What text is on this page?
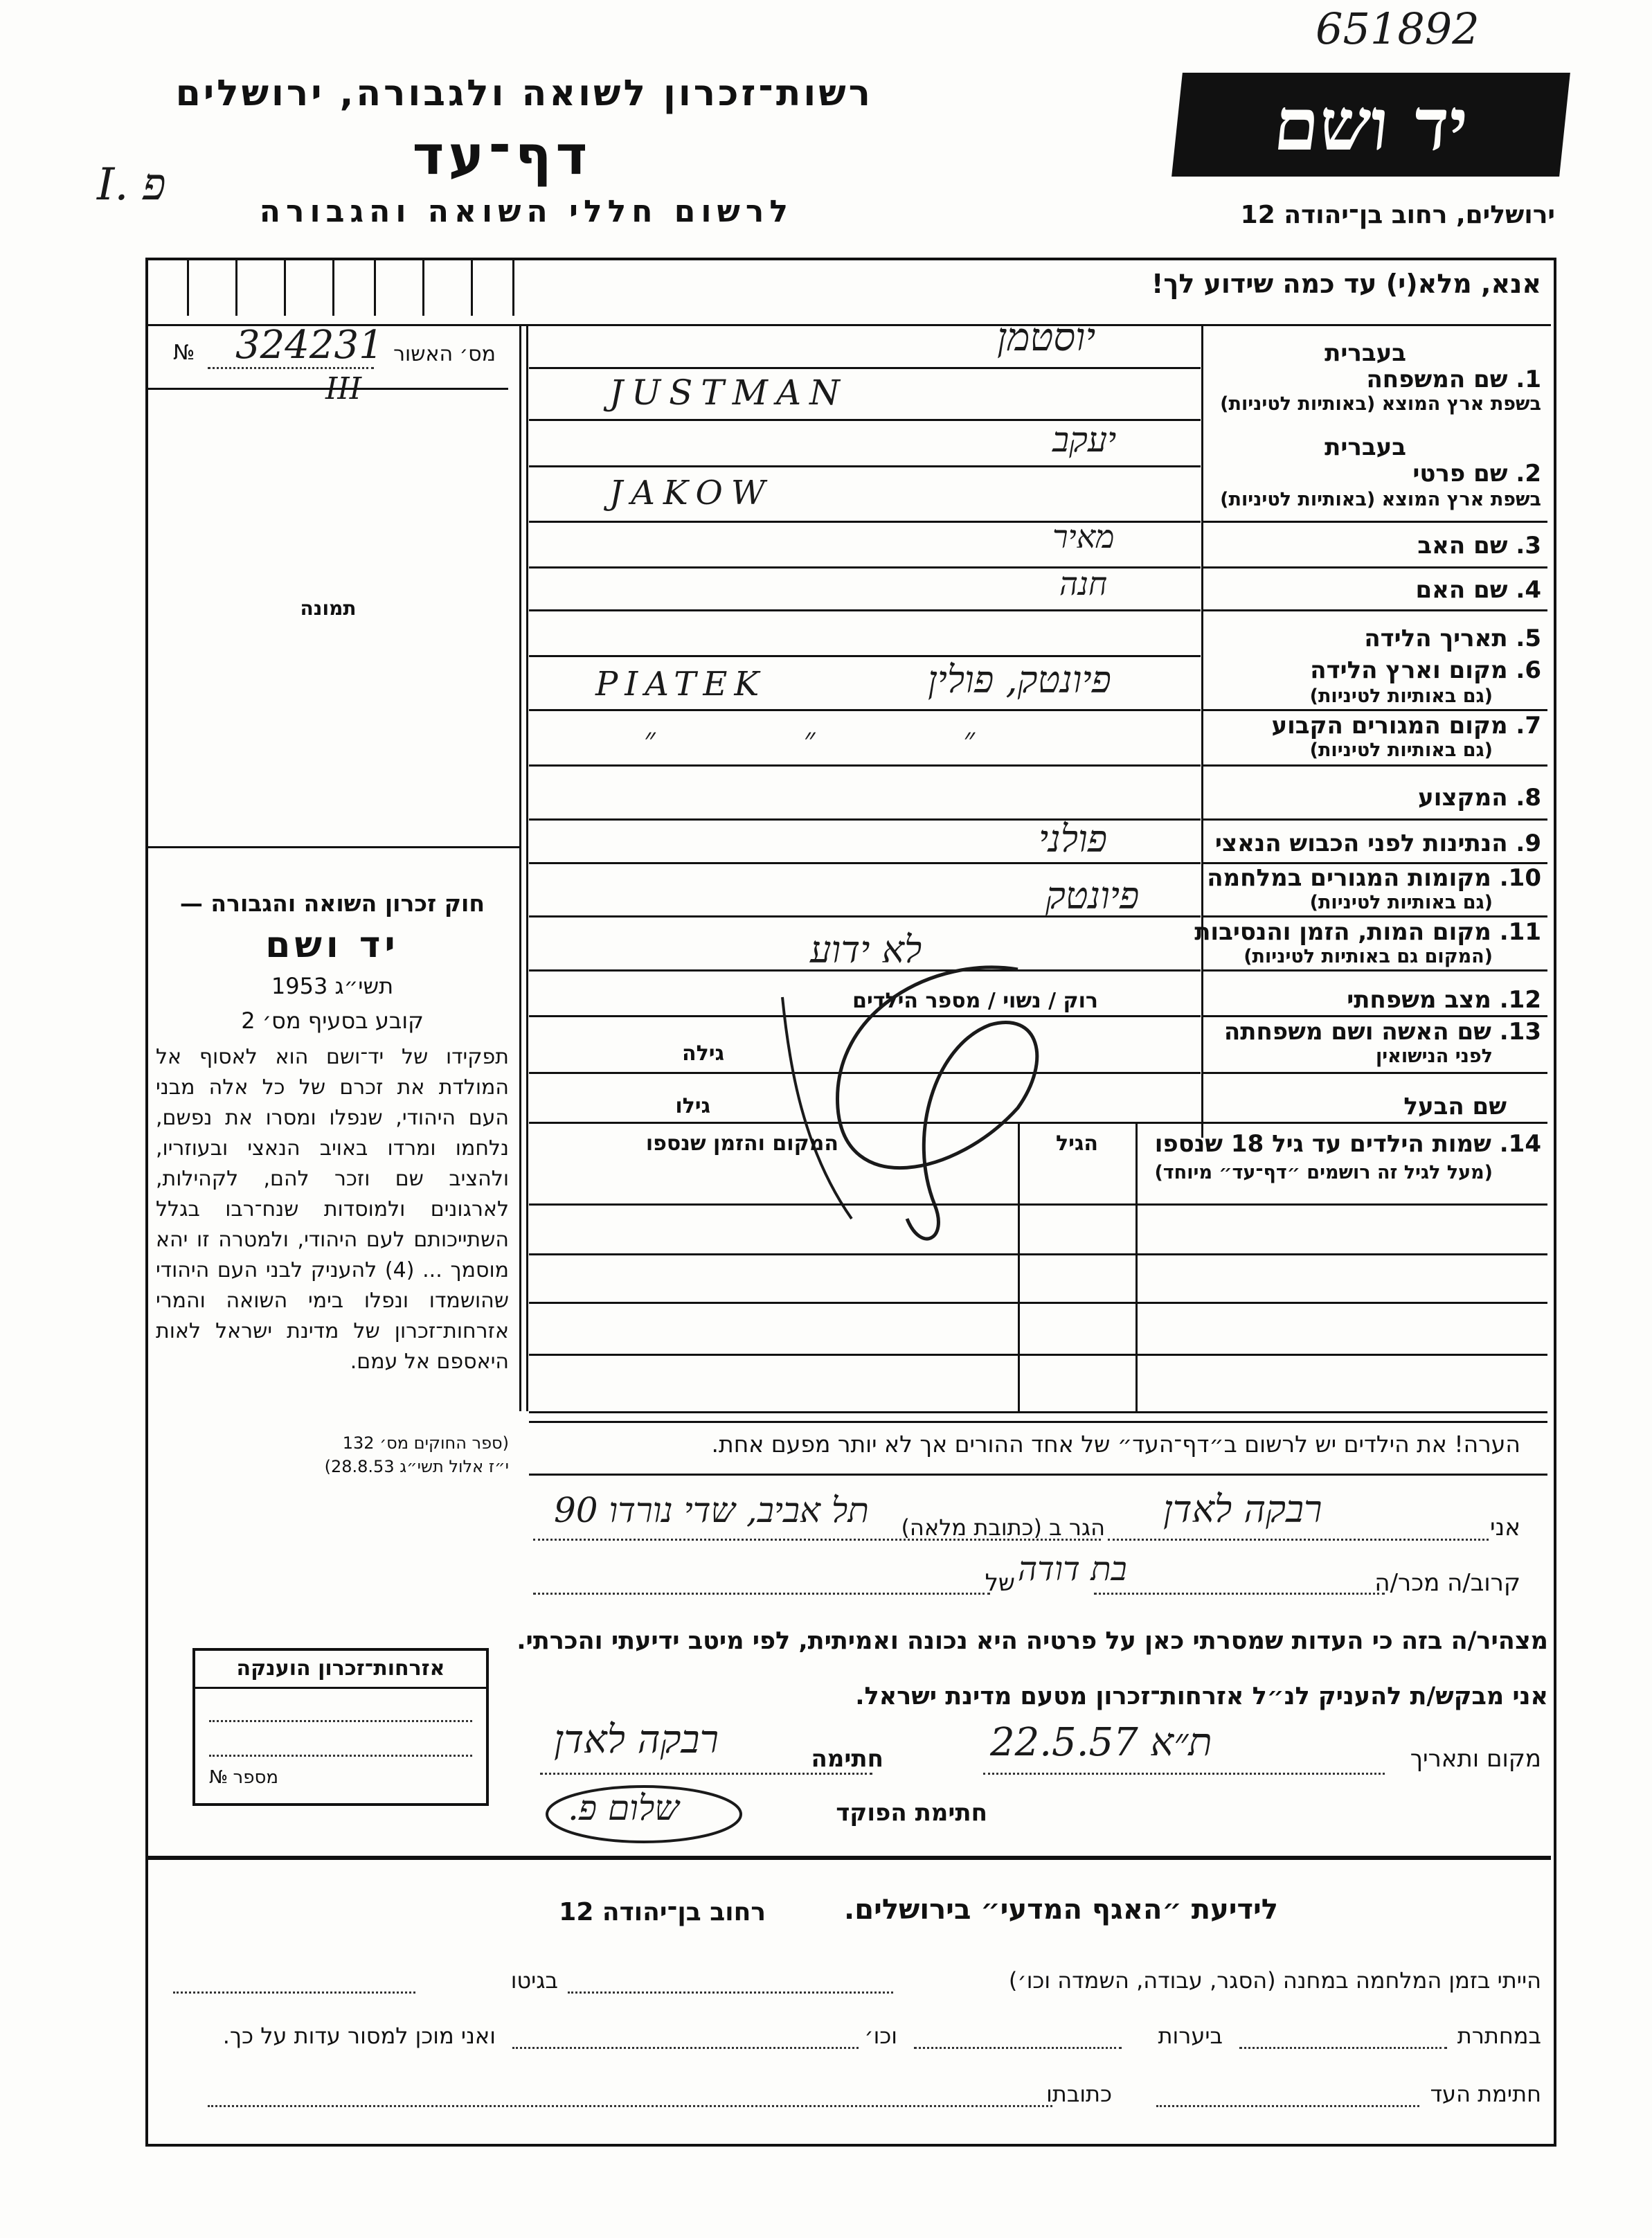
651892
רשות־זכרון לשואה ולגבורה, ירושלים
דף־עד
לרשום חללי השואה והגבורה
I. פ
יד ושם
ירושלים, רחוב בן־יהודה 12
אנא, מלא(י) עד כמה שידוע לך!
מס׳ האשור
№ 324231
III
תמונה
חוק זכרון השואה והגבורה —
יד ושם
תשי״ג 1953
קובע בסעיף מס׳ 2
תפקידו של יד־ושם הוא לאסוף אל המולדת את זכרם של כל אלה מבני העם היהודי, שנפלו ומסרו את נפשם, נלחמו ומרדו באויב הנאצי ובעוזריו, ולהציב שם וזכר להם, לקהילות, לארגונים ולמוסדות שנח־רבו בגלל השתייכותם לעם היהודי, ולמטרה זו יהא מוסמך ... (4) להעניק לבני העם היהודי שהושמדו ונפלו בימי השואה והמרי אזרחות־זכרון של מדינת ישראל לאות היאספם אל עמם.
(ספר החוקים מס׳ 132
י״ז אלול תשי״ג 28.8.53)
אזרחות־זכרון הוענקה
מספר
№
בעברית
1. שם המשפחה
בשפת ארץ המוצא (באותיות לטיניות)
בעברית
2. שם פרטי
בשפת ארץ המוצא (באותיות לטיניות)
3. שם האב
4. שם האם
5. תאריך הלידה
6. מקום וארץ הלידה
(גם באותיות לטיניות)
7. מקום המגורים הקבוע
(גם באותיות לטיניות)
8. המקצוע
9. הנתינות לפני הכבוש הנאצי
10. מקומות המגורים במלחמה
(גם באותיות לטיניות)
11. מקום המות, הזמן והנסיבות
(המקום גם באותיות לטיניות)
12. מצב משפחתי
13. שם האשה ושם משפחתה
לפני הנישואין
שם הבעל
יוסטמן
JUSTMAN
יעקב
JAKOW
מאיר
חנה
פיונטק, פולין
PIATEK
״ ״ ״
פולני
פיונטק
לא ידוע
רוק / נשוי / מספר הילדים
גילה
גילו
14. שמות הילדים עד גיל 18 שנספו
(מעל לגיל זה רושמים ״דף־עד״ מיוחד)
הגיל
המקום והזמן שנספו
הערה! את הילדים יש לרשום ב״דף־העד״ של אחד ההורים אך לא יותר מפעם אחת.
אני
רבקה לאדן
הגר ב (כתובת מלאה)
תל אביב, שדי נורדו 90
קרוב/ה מכר/ה
בת דודה
של
מצהיר/ה בזה כי העדות שמסרתי כאן על פרטיה היא נכונה ואמיתית, לפי מיטב ידיעתי והכרתי.
אני מבקש/ת להעניק לנ״ל אזרחות־זכרון מטעם מדינת ישראל.
מקום ותאריך
ת״א 22.5.57
חתימה
רבקה לאדן
חתימת הפוקד
שלום פ.
לידיעת ״האגף המדעי״ בירושלים.
רחוב בן־יהודה 12
הייתי בזמן המלחמה במחנה (הסגר, עבודה, השמדה וכו׳)
בגיטו
במחתרת
ביערות
וכו׳
ואני מוכן למסור עדות על כך.
חתימת העד
כתובתו
